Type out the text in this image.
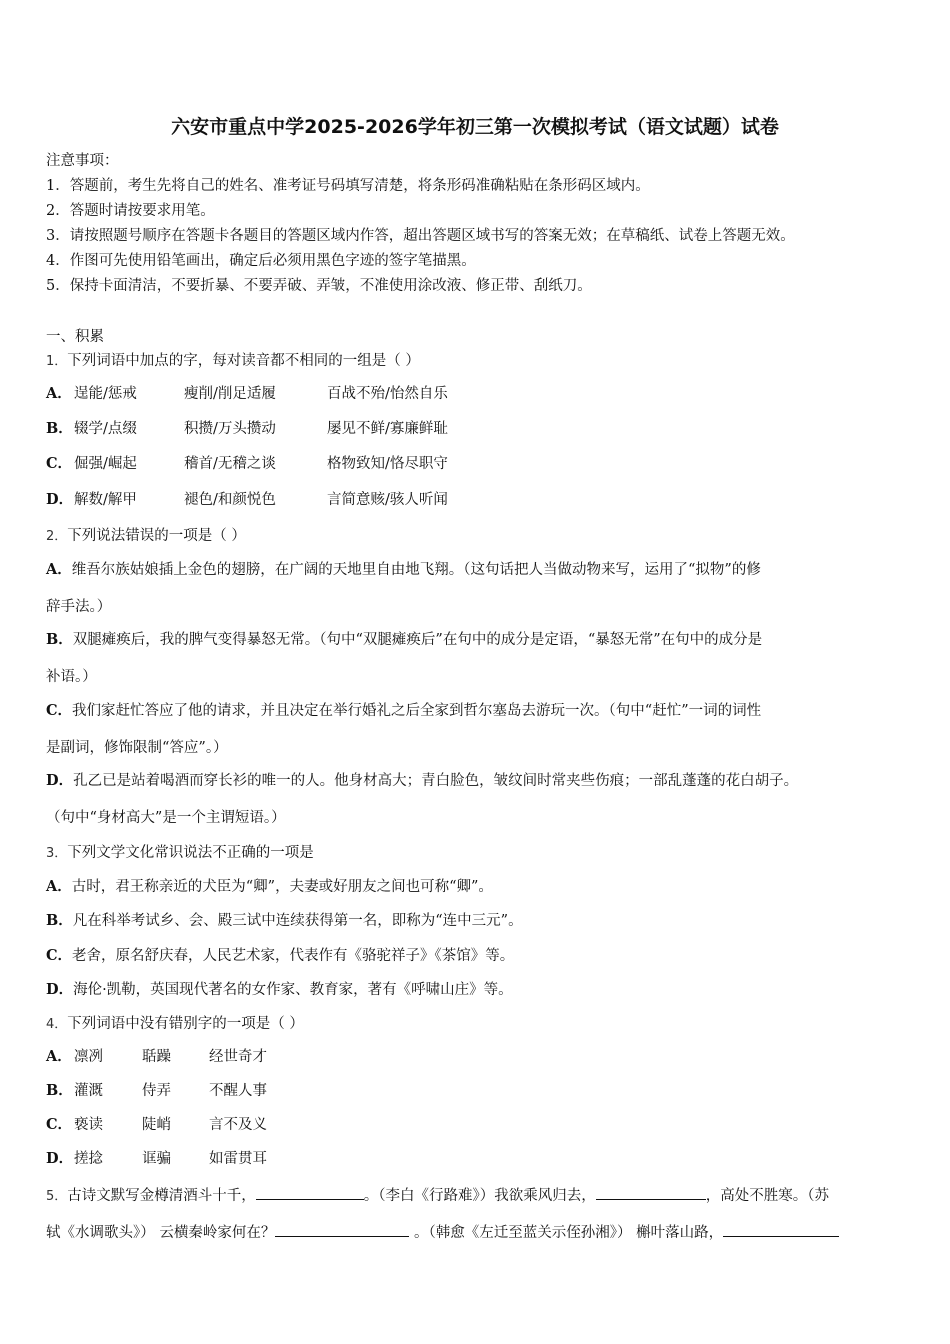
六安市重点中学2025-2026学年初三第一次模拟考试（语文试题）试卷
注意事项：
1．答题前，考生先将自己的姓名、准考证号码填写清楚，将条形码准确粘贴在条形码区域内。
2．答题时请按要求用笔。
3．请按照题号顺序在答题卡各题目的答题区域内作答，超出答题区域书写的答案无效；在草稿纸、试卷上答题无效。
4．作图可先使用铅笔画出，确定后必须用黑色字迹的签字笔描黑。
5．保持卡面清洁，不要折暴、不要弄破、弄皱，不准使用涂改液、修正带、刮纸刀。
一、积累
1．下列词语中加点的字，每对读音都不相同的一组是（ ）
A． 逞能/惩戒	瘦削/削足适履	百战不殆/怡然自乐
B． 辍学/点缀	积攒/万头攒动	屡见不鲜/寡廉鲜耻
C． 倔强/崛起	稽首/无稽之谈	格物致知/恪尽职守
D． 解数/解甲	褪色/和颜悦色	言简意赅/骇人听闻
2．下列说法错误的一项是（ ）
A．维吾尔族姑娘插上金色的翅膀，在广阔的天地里自由地飞翔。（这句话把人当做动物来写，运用了“拟物”的修
辞手法。）
B．双腿瘫痪后，我的脾气变得暴怒无常。（句中“双腿瘫痪后”在句中的成分是定语，“暴怒无常”在句中的成分是
补语。）
C．我们家赶忙答应了他的请求，并且决定在举行婚礼之后全家到哲尔塞岛去游玩一次。（句中“赶忙”一词的词性
是副词，修饰限制“答应”。）
D．孔乙已是站着喝酒而穿长衫的唯一的人。他身材高大；青白脸色，皱纹间时常夹些伤痕；一部乱蓬蓬的花白胡子。
（句中“身材高大”是一个主谓短语。）
3．下列文学文化常识说法不正确的一项是
A．古时，君王称亲近的犬臣为“卿”，夫妻或好朋友之间也可称“卿”。
B．凡在科举考试乡、会、殿三试中连续获得第一名，即称为“连中三元”。
C．老舍，原名舒庆春，人民艺术家，代表作有《骆驼祥子》《茶馆》等。
D．海伦·凯勒，英国现代著名的女作家、教育家，著有《呼啸山庄》等。
4．下列词语中没有错别字的一项是（ ）
A． 凛冽	聒躁	经世奇才
B． 灌溉	侍弄	不醒人事
C． 亵读	陡峭	言不及义
D． 搓捻	诓骗	如雷贯耳
5．古诗文默写金樽清酒斗十千，	。（李白《行路难》）我欲乘风归去，	，高处不胜寒。（苏
轼《水调歌头》） 云横秦岭家何在？	。（韩愈《左迁至蓝关示侄孙湘》） 槲叶落山路，
